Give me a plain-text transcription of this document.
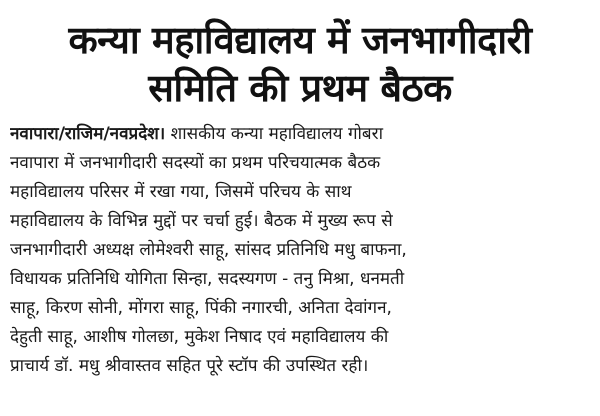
कन्या महाविद्यालय में जनभागीदारी
समिति की प्रथम बैठक
नवापारा/राजिम/नवप्रदेश। शासकीय कन्या महाविद्यालय गोबरा
नवापारा में जनभागीदारी सदस्यों का प्रथम परिचयात्मक बैठक
महाविद्यालय परिसर में रखा गया, जिसमें परिचय के साथ
महाविद्यालय के विभिन्न मुद्दों पर चर्चा हुई। बैठक में मुख्य रूप से
जनभागीदारी अध्यक्ष लोमेश्वरी साहू, सांसद प्रतिनिधि मधु बाफना,
विधायक प्रतिनिधि योगिता सिन्हा, सदस्यगण - तनु मिश्रा, धनमती
साहू, किरण सोनी, मोंगरा साहू, पिंकी नगारची, अनिता देवांगन,
देहुती साहू, आशीष गोलछा, मुकेश निषाद एवं महाविद्यालय की
प्राचार्य डॉ. मधु श्रीवास्तव सहित पूरे स्टॉप की उपस्थित रही।
